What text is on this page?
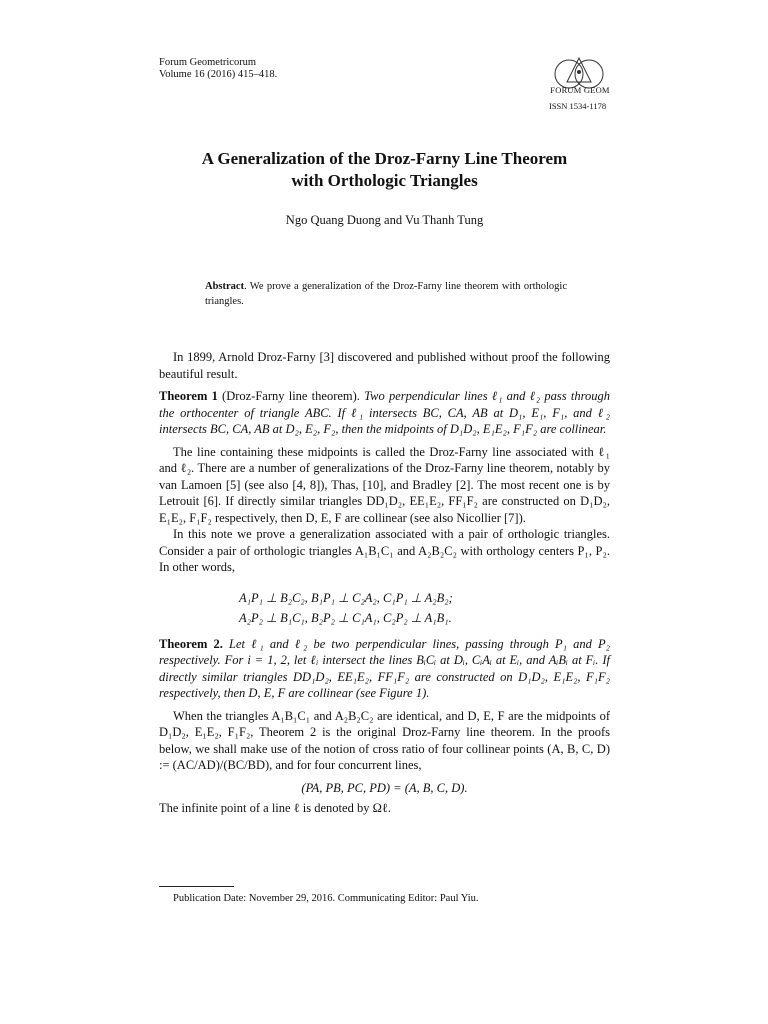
Forum Geometricorum
Volume 16 (2016) 415–418.
FORUM GEOM
ISSN 1534-1178
A Generalization of the Droz-Farny Line Theorem
with Orthologic Triangles
Ngo Quang Duong and Vu Thanh Tung
Abstract. We prove a generalization of the Droz-Farny line theorem with orthologic triangles.

In 1899, Arnold Droz-Farny [3] discovered and published without proof the following beautiful result.

Theorem 1 (Droz-Farny line theorem). Two perpendicular lines ℓ₁ and ℓ₂ pass through the orthocenter of triangle ABC. If ℓ₁ intersects BC, CA, AB at D₁, E₁, F₁, and ℓ₂ intersects BC, CA, AB at D₂, E₂, F₂, then the midpoints of D₁D₂, E₁E₂, F₁F₂ are collinear.

The line containing these midpoints is called the Droz-Farny line associated with ℓ₁ and ℓ₂. There are a number of generalizations of the Droz-Farny line theorem, notably by van Lamoen [5] (see also [4, 8]), Thas, [10], and Bradley [2]. The most recent one is by Letrouit [6]. If directly similar triangles DD₁D₂, EE₁E₂, FF₁F₂ are constructed on D₁D₂, E₁E₂, F₁F₂ respectively, then D, E, F are collinear (see also Nicollier [7]).

In this note we prove a generalization associated with a pair of orthologic triangles. Consider a pair of orthologic triangles A₁B₁C₁ and A₂B₂C₂ with orthology centers P₁, P₂. In other words,

A₁P₁ ⊥ B₂C₂, B₁P₁ ⊥ C₂A₂, C₁P₁ ⊥ A₂B₂;
A₂P₂ ⊥ B₁C₁, B₂P₂ ⊥ C₁A₁, C₂P₂ ⊥ A₁B₁.

Theorem 2. Let ℓ₁ and ℓ₂ be two perpendicular lines, passing through P₁ and P₂ respectively. For i = 1, 2, let ℓᵢ intersect the lines BᵢCᵢ at Dᵢ, CᵢAᵢ at Eᵢ, and AᵢBᵢ at Fᵢ. If directly similar triangles DD₁D₂, EE₁E₂, FF₁F₂ are constructed on D₁D₂, E₁E₂, F₁F₂ respectively, then D, E, F are collinear (see Figure 1).

When the triangles A₁B₁C₁ and A₂B₂C₂ are identical, and D, E, F are the midpoints of D₁D₂, E₁E₂, F₁F₂, Theorem 2 is the original Droz-Farny line theorem. In the proofs below, we shall make use of the notion of cross ratio of four collinear points (A, B, C, D) := (AC/AD)/(BC/BD), and for four concurrent lines,

(PA, PB, PC, PD) = (A, B, C, D).

The infinite point of a line ℓ is denoted by Ωℓ.

Publication Date: November 29, 2016. Communicating Editor: Paul Yiu.
